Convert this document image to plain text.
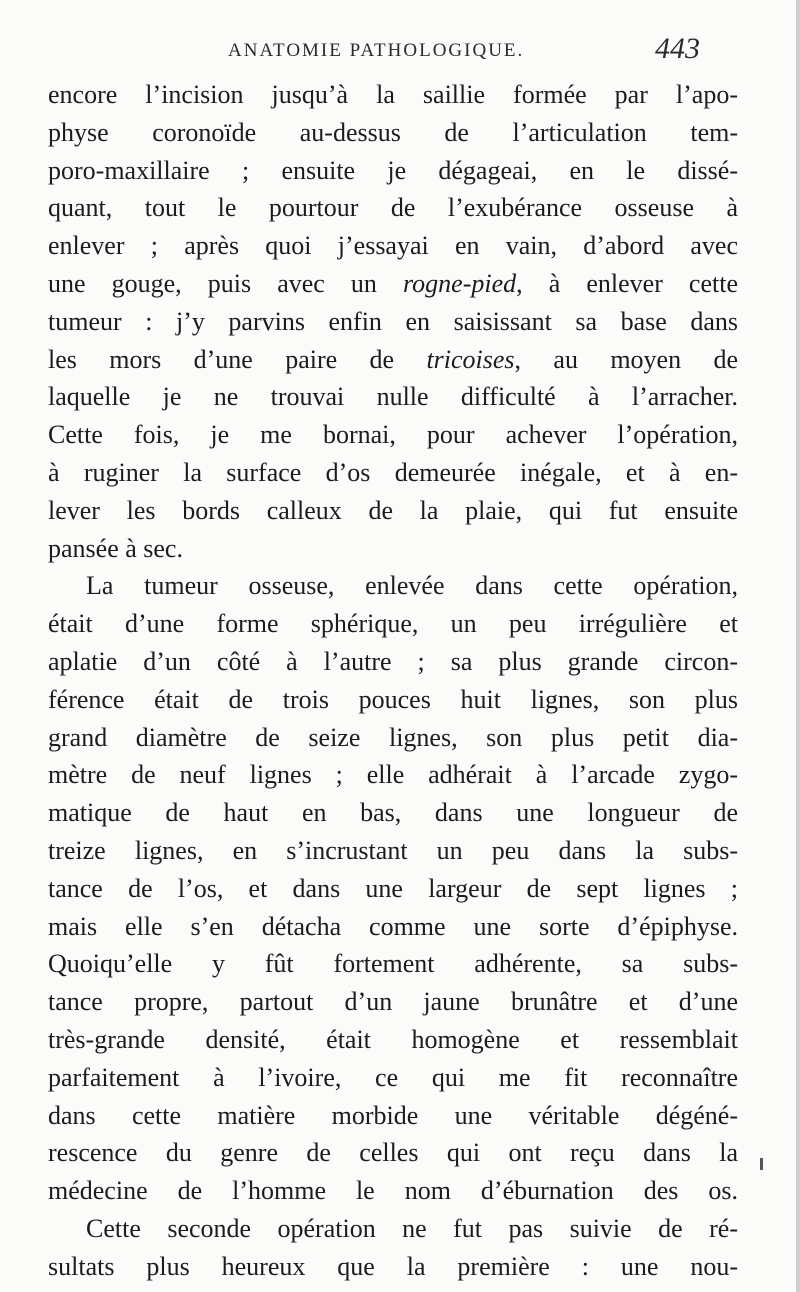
ANATOMIE PATHOLOGIQUE.	443
encore l’incision jusqu’à la saillie formée par l’apo-
physe coronoïde au-dessus de l’articulation tem-
poro-maxillaire ; ensuite je dégageai, en le dissé-
quant, tout le pourtour de l’exubérance osseuse à
enlever ; après quoi j’essayai en vain, d’abord avec
une gouge, puis avec un rogne-pied, à enlever cette
tumeur : j’y parvins enfin en saisissant sa base dans
les mors d’une paire de tricoises, au moyen de
laquelle je ne trouvai nulle difficulté à l’arracher.
Cette fois, je me bornai, pour achever l’opération,
à ruginer la surface d’os demeurée inégale, et à en-
lever les bords calleux de la plaie, qui fut ensuite
pansée à sec.
La tumeur osseuse, enlevée dans cette opération,
était d’une forme sphérique, un peu irrégulière et
aplatie d’un côté à l’autre ; sa plus grande circon-
férence était de trois pouces huit lignes, son plus
grand diamètre de seize lignes, son plus petit dia-
mètre de neuf lignes ; elle adhérait à l’arcade zygo-
matique de haut en bas, dans une longueur de
treize lignes, en s’incrustant un peu dans la subs-
tance de l’os, et dans une largeur de sept lignes ;
mais elle s’en détacha comme une sorte d’épiphyse.
Quoiqu’elle y fût fortement adhérente, sa subs-
tance propre, partout d’un jaune brunâtre et d’une
très-grande densité, était homogène et ressemblait
parfaitement à l’ivoire, ce qui me fit reconnaître
dans cette matière morbide une véritable dégéné-
rescence du genre de celles qui ont reçu dans la
médecine de l’homme le nom d’éburnation des os.
Cette seconde opération ne fut pas suivie de ré-
sultats plus heureux que la première : une nou-
